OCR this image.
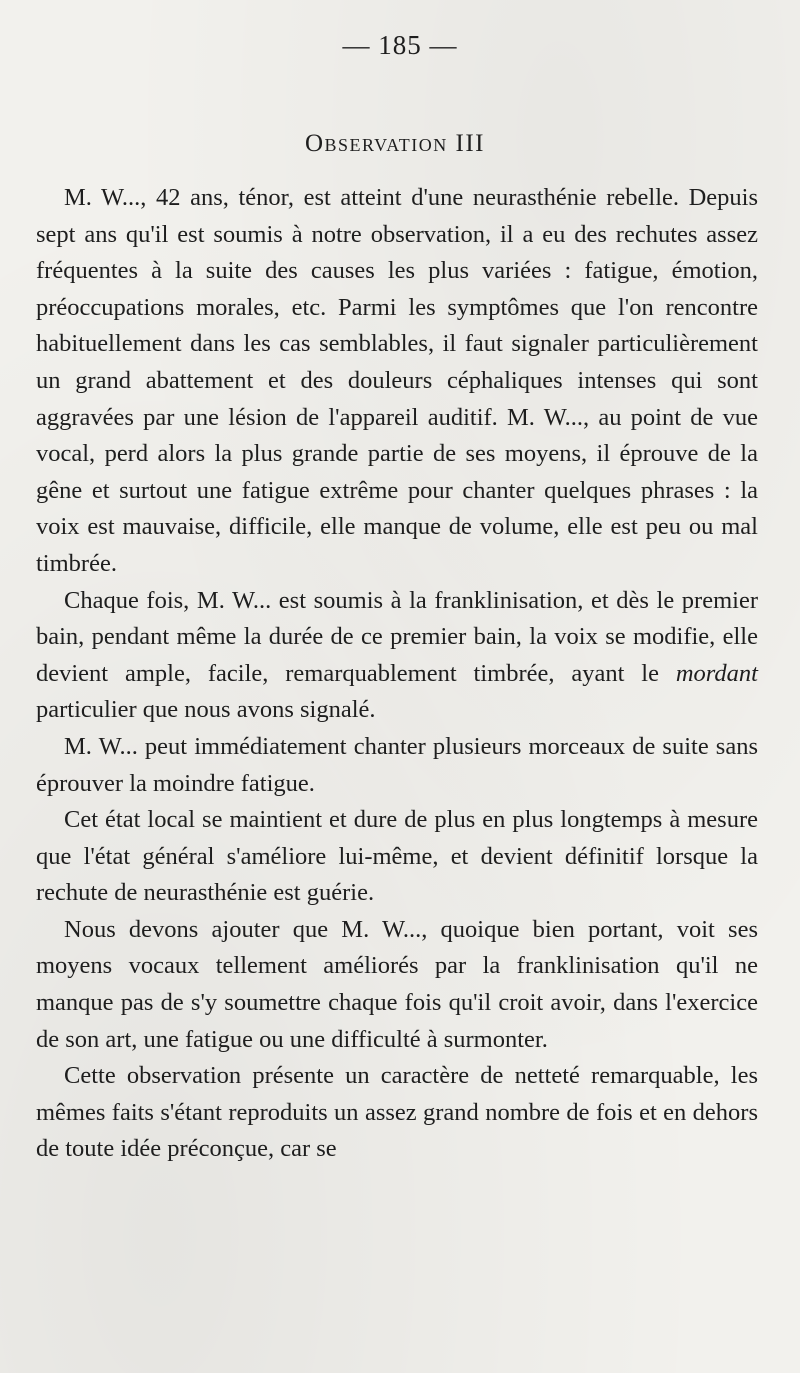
— 185 —
Observation III

M. W..., 42 ans, ténor, est atteint d'une neurasthénie rebelle. Depuis sept ans qu'il est soumis à notre observation, il a eu des rechutes assez fréquentes à la suite des causes les plus variées : fatigue, émotion, préoccupations morales, etc. Parmi les symptômes que l'on rencontre habituellement dans les cas semblables, il faut signaler particulièrement un grand abattement et des douleurs céphaliques intenses qui sont aggravées par une lésion de l'appareil auditif. M. W..., au point de vue vocal, perd alors la plus grande partie de ses moyens, il éprouve de la gêne et surtout une fatigue extrême pour chanter quelques phrases : la voix est mauvaise, difficile, elle manque de volume, elle est peu ou mal timbrée.

Chaque fois, M. W... est soumis à la franklinisation, et dès le premier bain, pendant même la durée de ce premier bain, la voix se modifie, elle devient ample, facile, remarquablement timbrée, ayant le mordant particulier que nous avons signalé.

M. W... peut immédiatement chanter plusieurs morceaux de suite sans éprouver la moindre fatigue.

Cet état local se maintient et dure de plus en plus longtemps à mesure que l'état général s'améliore lui-même, et devient définitif lorsque la rechute de neurasthénie est guérie.

Nous devons ajouter que M. W..., quoique bien portant, voit ses moyens vocaux tellement améliorés par la franklinisation qu'il ne manque pas de s'y soumettre chaque fois qu'il croit avoir, dans l'exercice de son art, une fatigue ou une difficulté à surmonter.

Cette observation présente un caractère de netteté remarquable, les mêmes faits s'étant reproduits un assez grand nombre de fois et en dehors de toute idée préconçue, car se
